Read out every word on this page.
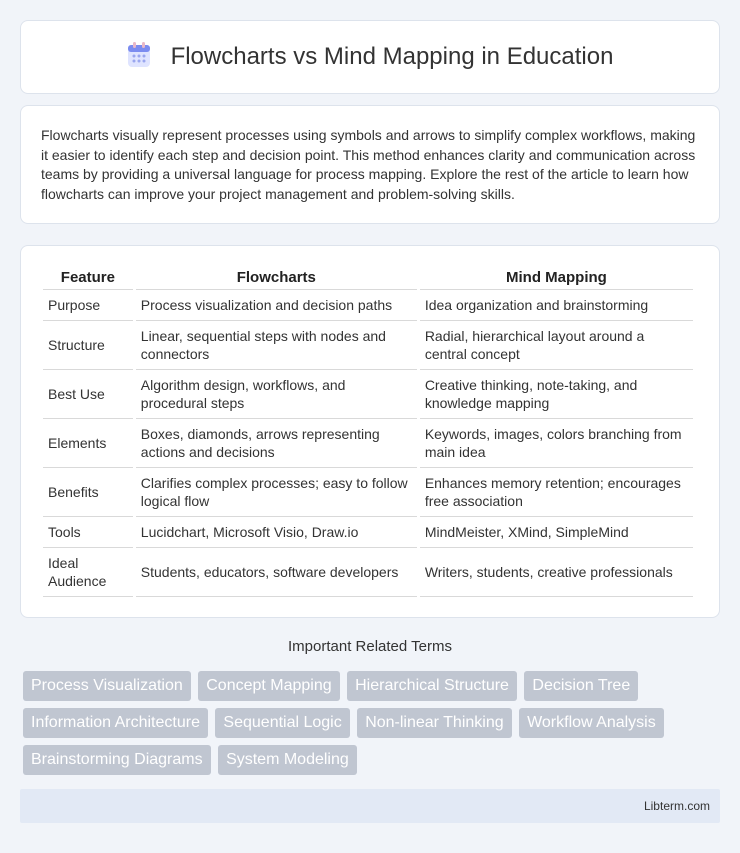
Flowcharts vs Mind Mapping in Education

Flowcharts visually represent processes using symbols and arrows to simplify complex workflows, making it easier to identify each step and decision point. This method enhances clarity and communication across teams by providing a universal language for process mapping. Explore the rest of the article to learn how flowcharts can improve your project management and problem-solving skills.

Feature	Flowcharts	Mind Mapping
Purpose	Process visualization and decision paths	Idea organization and brainstorming
Structure	Linear, sequential steps with nodes and connectors	Radial, hierarchical layout around a central concept
Best Use	Algorithm design, workflows, and procedural steps	Creative thinking, note-taking, and knowledge mapping
Elements	Boxes, diamonds, arrows representing actions and decisions	Keywords, images, colors branching from main idea
Benefits	Clarifies complex processes; easy to follow logical flow	Enhances memory retention; encourages free association
Tools	Lucidchart, Microsoft Visio, Draw.io	MindMeister, XMind, SimpleMind
Ideal Audience	Students, educators, software developers	Writers, students, creative professionals
Important Related Terms
Process Visualization Concept Mapping Hierarchical Structure Decision Tree Information Architecture Sequential Logic Non-linear Thinking Workflow Analysis Brainstorming Diagrams System Modeling
Libterm.com
